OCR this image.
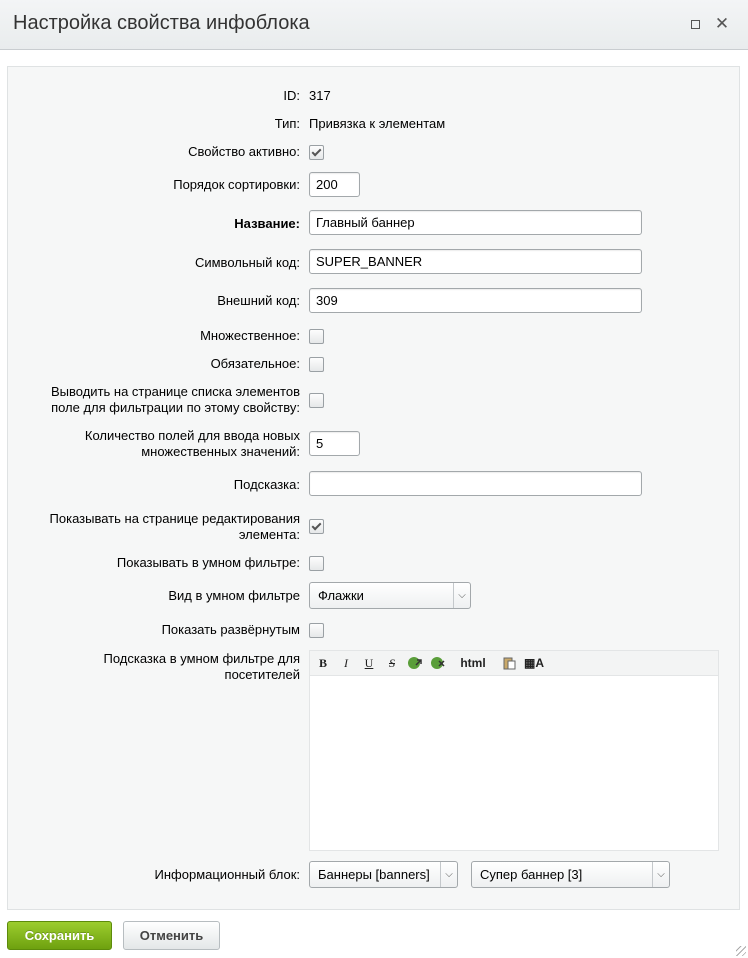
Настройка свойства инфоблока	✕
ID: 317
Тип: Привязка к элементам
Свойство активно:
Порядок сортировки:	200
Название:	Главный баннер
Символьный код:	SUPER_BANNER
Внешний код:	309
Множественное:
Обязательное:
Выводить на странице списка элементов
поле для фильтрации по этому свойству:
Количество полей для ввода новых
множественных значений:
5
Подсказка:
Показывать на странице редактирования
элемента:
Показывать в умном фильтре:
Вид в умном фильтре	Флажки	⌵
Показать развёрнутым
Подсказка в умном фильтре для
посетителей
B	I	U	S	html	▦A
Информационный блок:	Баннеры [banners]	⌵	Супер баннер [3]	⌵
Сохранить	Отменить
